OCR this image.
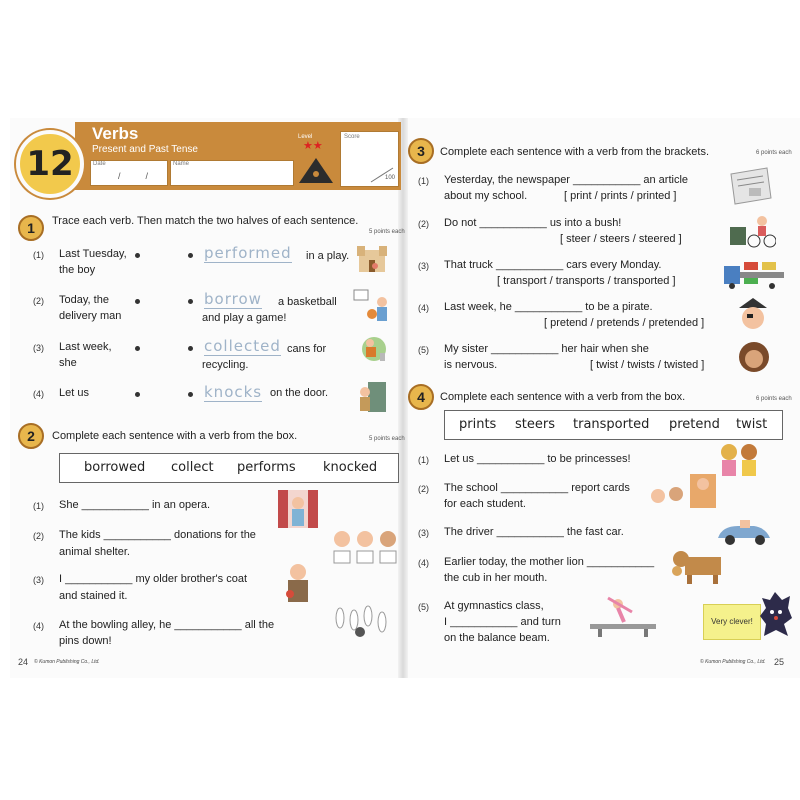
12
Verbs
Present and Past Tense
Date
/          /
Name
Level
★★
Score
100
1	Trace each verb. Then match the two halves of each sentence.
5 points each
(1) Last Tuesday,
the boy
performed in a play.
(2) Today, the
delivery man
borrow a basketball
and play a game!
(3) Last week,
she
collected cans for
recycling.
(4) Let us	knocks on the door.
2	Complete each sentence with a verb from the box.	5 points each
borrowed collect performs knocked
(1) She ___________ in an opera.
(2) The kids ___________ donations for the
animal shelter.
(3) I ___________ my older brother's coat
and stained it.
(4) At the bowling alley, he ___________ all the
pins down!
3	Complete each sentence with a verb from the brackets.	6 points each
(1) Yesterday, the newspaper ___________ an article
about my school.	[ print / prints / printed ]
(2) Do not ___________ us into a bush!
[ steer / steers / steered ]
(3) That truck ___________ cars every Monday.
[ transport / transports / transported ]
(4) Last week, he ___________ to be a pirate.
[ pretend / pretends / pretended ]
(5) My sister ___________ her hair when she
is nervous.	[ twist / twists / twisted ]
4	Complete each sentence with a verb from the box.	6 points each
prints steers transported pretend twist
(1) Let us ___________ to be princesses!
(2) The school ___________ report cards
for each student.
(3) The driver ___________ the fast car.
(4) Earlier today, the mother lion ___________
the cub in her mouth.
(5) At gymnastics class,
I ___________ and turn
on the balance beam.
Very clever!
24 © Kumon Publishing Co., Ltd.	© Kumon Publishing Co., Ltd. 25
